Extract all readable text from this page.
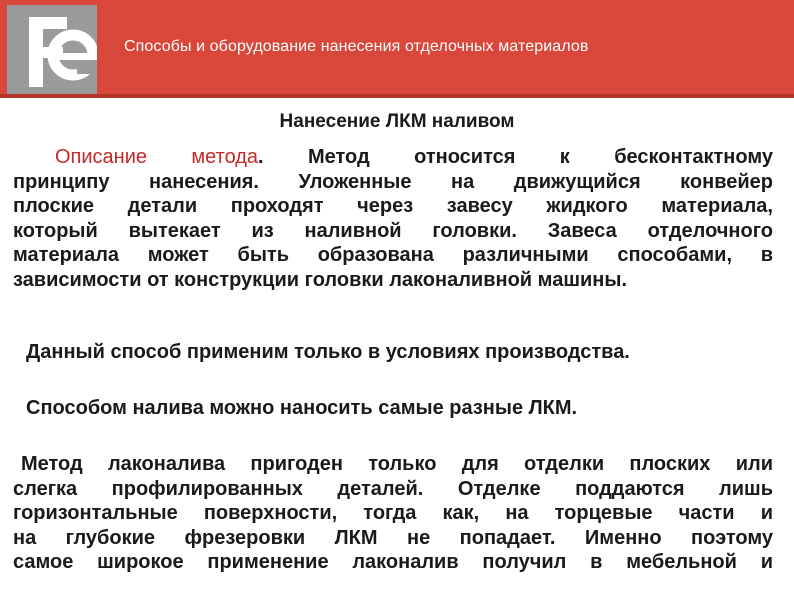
Способы и оборудование нанесения отделочных материалов
Нанесение ЛКМ наливом
Описание метода. Метод относится к бесконтактному
принципу нанесения. Уложенные на движущийся конвейер
плоские детали проходят через завесу жидкого материала,
который вытекает из наливной головки. Завеса отделочного
материала может быть образована различными способами, в
зависимости от конструкции головки лаконаливной машины.
Данный способ применим только в условиях производства.
Способом налива можно наносить самые разные ЛКМ.
Метод лаконалива пригоден только для отделки плоских или
слегка профилированных деталей. Отделке поддаются лишь
горизонтальные поверхности, тогда как, на торцевые части и
на глубокие фрезеровки ЛКМ не попадает. Именно поэтому
самое широкое применение лаконалив получил в мебельной и
